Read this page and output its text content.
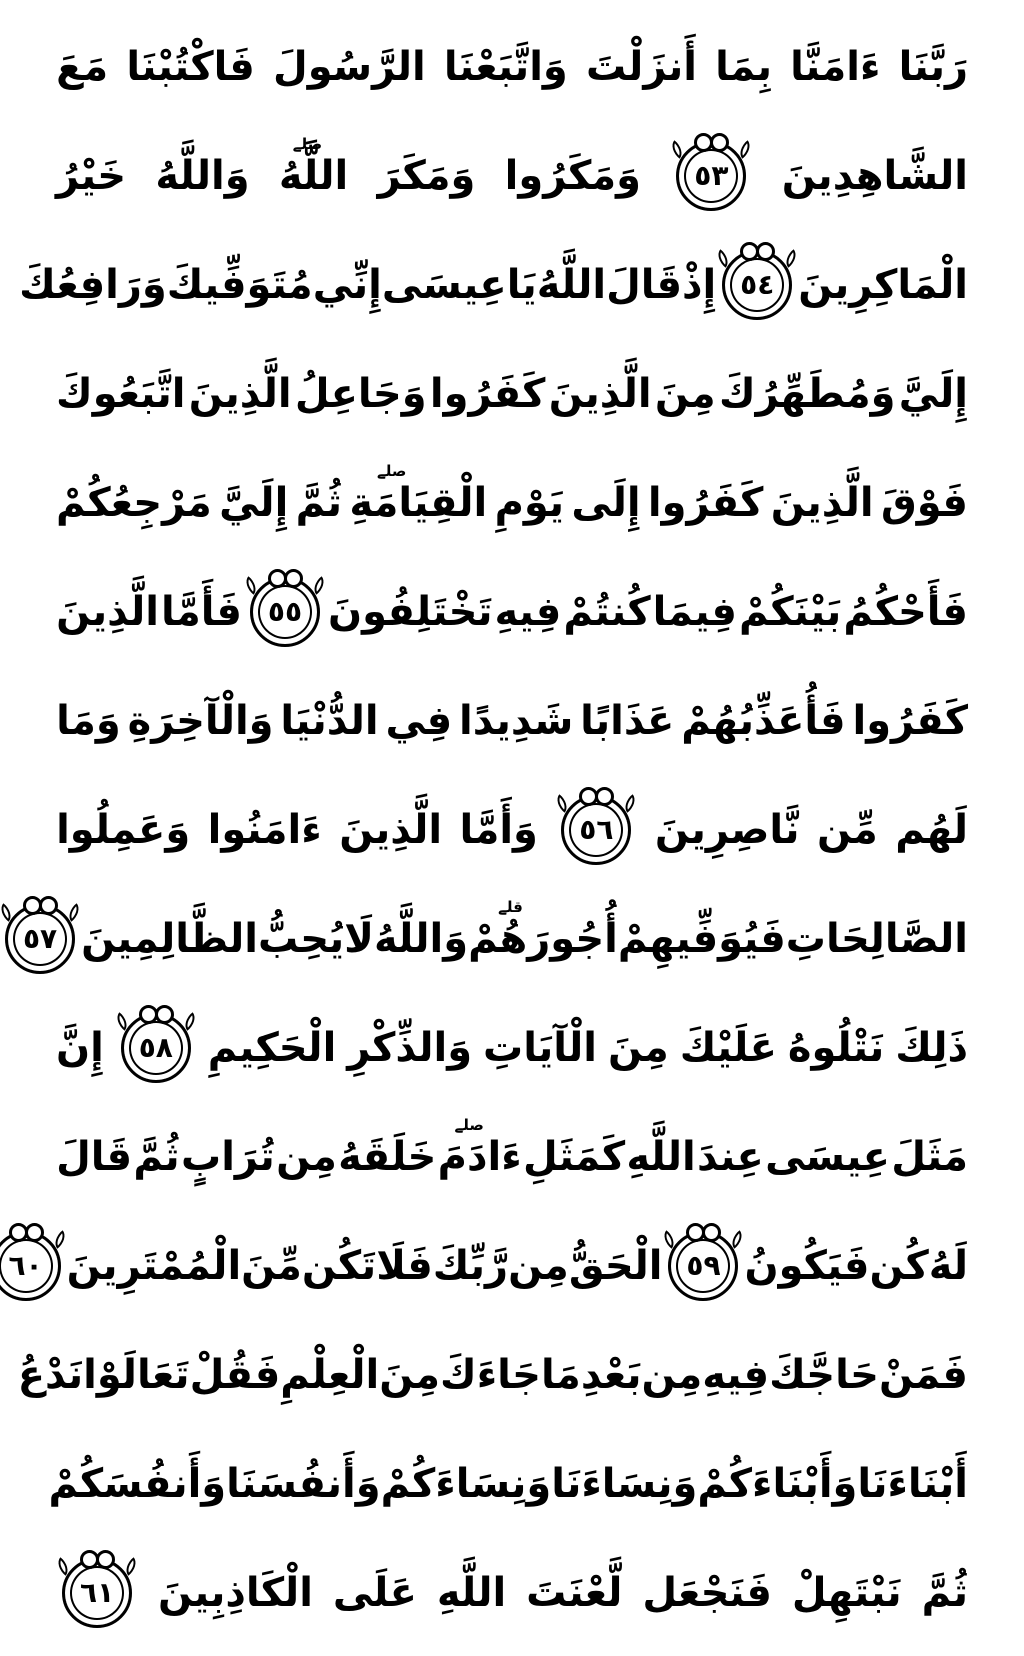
رَبَّنَا
ءَامَنَّا
بِمَا
أَنزَلْتَ
وَاتَّبَعْنَا
الرَّسُولَ
فَاكْتُبْنَا
مَعَ
الشَّاهِدِينَ
٥٣
وَمَكَرُوا
وَمَكَرَ
اللَّهُ
صلے
وَاللَّهُ
خَيْرُ
الْمَاكِرِينَ
٥٤
إِذْ
قَالَ
اللَّهُ
يَاعِيسَى
إِنِّي
مُتَوَفِّيكَ
وَرَافِعُكَ
إِلَيَّ
وَمُطَهِّرُكَ
مِنَ
الَّذِينَ
كَفَرُوا
وَجَاعِلُ
الَّذِينَ
اتَّبَعُوكَ
فَوْقَ
الَّذِينَ
كَفَرُوا
إِلَى
يَوْمِ
الْقِيَامَةِ
صلے
ثُمَّ
إِلَيَّ
مَرْجِعُكُمْ
فَأَحْكُمُ
بَيْنَكُمْ
فِيمَا
كُنتُمْ
فِيهِ
تَخْتَلِفُونَ
٥٥
فَأَمَّا
الَّذِينَ
كَفَرُوا
فَأُعَذِّبُهُمْ
عَذَابًا
شَدِيدًا
فِي
الدُّنْيَا
وَالْآخِرَةِ
وَمَا
لَهُم
مِّن
نَّاصِرِينَ
٥٦
وَأَمَّا
الَّذِينَ
ءَامَنُوا
وَعَمِلُوا
الصَّالِحَاتِ
فَيُوَفِّيهِمْ
أُجُورَهُمْ
قلے
وَاللَّهُ
لَا
يُحِبُّ
الظَّالِمِينَ
٥٧
ذَلِكَ
نَتْلُوهُ
عَلَيْكَ
مِنَ
الْآيَاتِ
وَالذِّكْرِ
الْحَكِيمِ
٥٨
إِنَّ
مَثَلَ
عِيسَى
عِندَ
اللَّهِ
كَمَثَلِ
ءَادَمَ
صلے
خَلَقَهُ
مِن
تُرَابٍ
ثُمَّ
قَالَ
لَهُ
كُن
فَيَكُونُ
٥٩
الْحَقُّ
مِن
رَّبِّكَ
فَلَا
تَكُن
مِّنَ
الْمُمْتَرِينَ
٦٠
فَمَنْ
حَاجَّكَ
فِيهِ
مِن
بَعْدِ
مَا
جَاءَكَ
مِنَ
الْعِلْمِ
فَقُلْ
تَعَالَوْا
نَدْعُ
أَبْنَاءَنَا
وَأَبْنَاءَكُمْ
وَنِسَاءَنَا
وَنِسَاءَكُمْ
وَأَنفُسَنَا
وَأَنفُسَكُمْ
ثُمَّ
نَبْتَهِلْ
فَنَجْعَل
لَّعْنَتَ
اللَّهِ
عَلَى
الْكَاذِبِينَ
٦١
